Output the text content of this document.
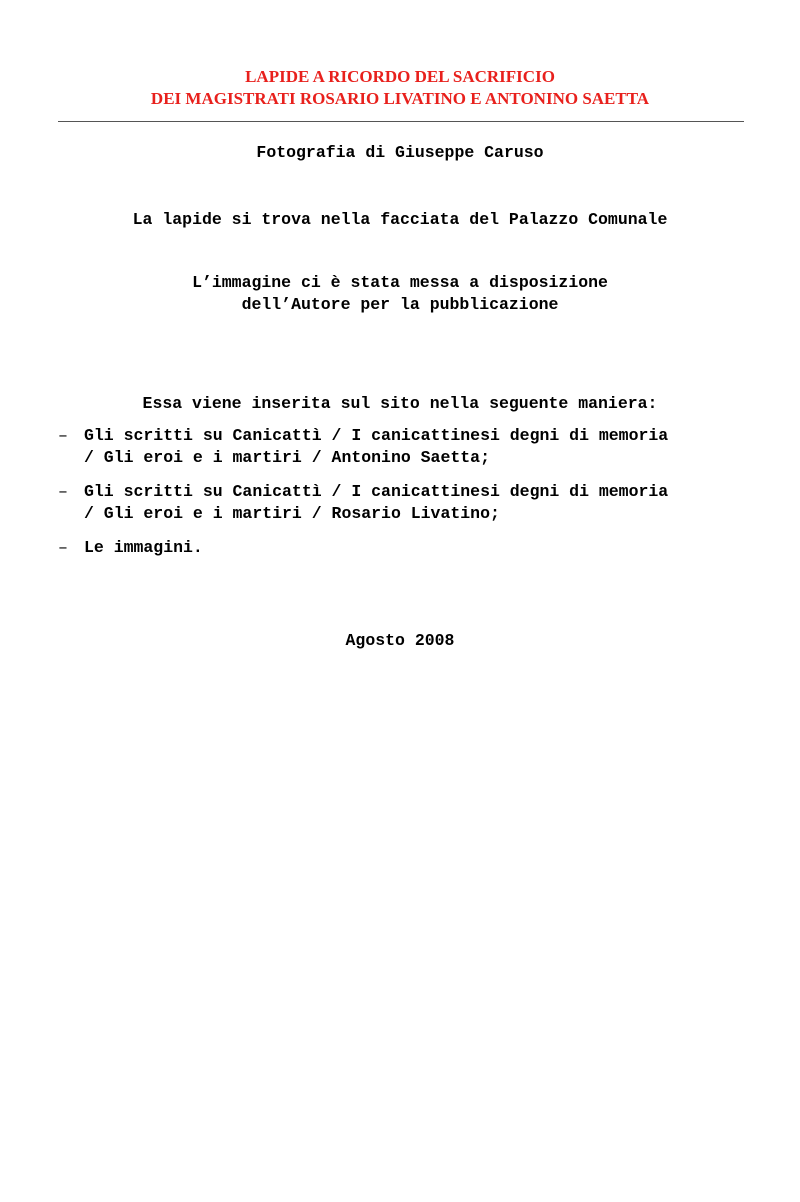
LAPIDE A RICORDO DEL SACRIFICIO
DEI MAGISTRATI ROSARIO LIVATINO E ANTONINO SAETTA
Fotografia di Giuseppe Caruso
La lapide si trova nella facciata del Palazzo Comunale
L’immagine ci è stata messa a disposizione
dell’Autore per la pubblicazione
Essa viene inserita sul sito nella seguente maniera:
– Gli scritti su Canicattì / I canicattinesi degni di memoria
/ Gli eroi e i martiri / Antonino Saetta;
– Gli scritti su Canicattì / I canicattinesi degni di memoria
/ Gli eroi e i martiri / Rosario Livatino;
– Le immagini.
Agosto 2008
